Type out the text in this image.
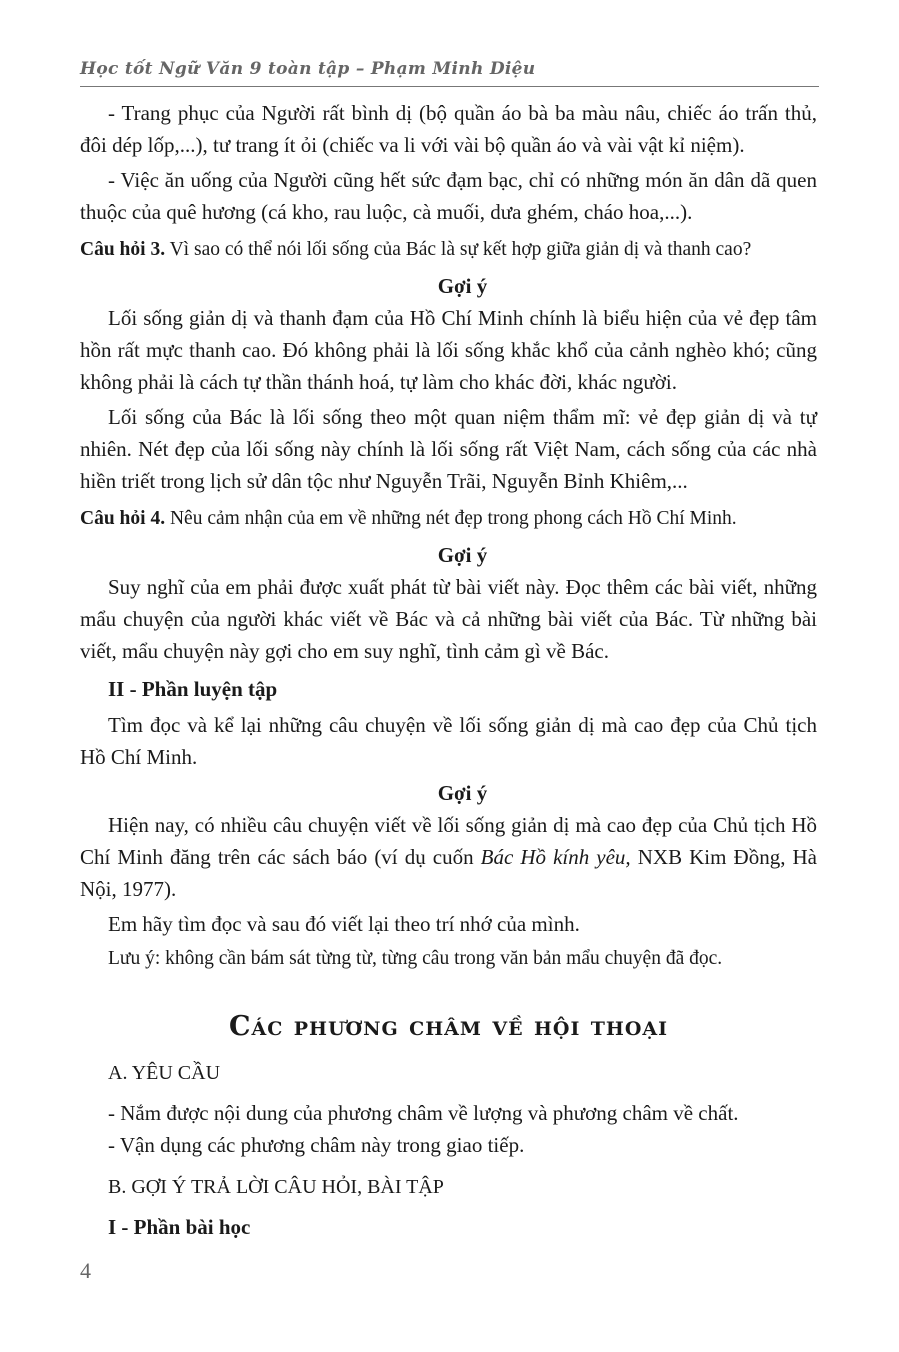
Học tốt Ngữ Văn 9 toàn tập – Phạm Minh Diệu

- Trang phục của Người rất bình dị (bộ quần áo bà ba màu nâu, chiếc áo trấn thủ, đôi dép lốp,...), tư trang ít ỏi (chiếc va li với vài bộ quần áo và vài vật kỉ niệm).

- Việc ăn uống của Người cũng hết sức đạm bạc, chỉ có những món ăn dân dã quen thuộc của quê hương (cá kho, rau luộc, cà muối, dưa ghém, cháo hoa,...).

Câu hỏi 3. Vì sao có thể nói lối sống của Bác là sự kết hợp giữa giản dị và thanh cao?

Gợi ý

Lối sống giản dị và thanh đạm của Hồ Chí Minh chính là biểu hiện của vẻ đẹp tâm hồn rất mực thanh cao. Đó không phải là lối sống khắc khổ của cảnh nghèo khó; cũng không phải là cách tự thần thánh hoá, tự làm cho khác đời, khác người.

Lối sống của Bác là lối sống theo một quan niệm thẩm mĩ: vẻ đẹp giản dị và tự nhiên. Nét đẹp của lối sống này chính là lối sống rất Việt Nam, cách sống của các nhà hiền triết trong lịch sử dân tộc như Nguyễn Trãi, Nguyễn Bỉnh Khiêm,...

Câu hỏi 4. Nêu cảm nhận của em về những nét đẹp trong phong cách Hồ Chí Minh.

Gợi ý

Suy nghĩ của em phải được xuất phát từ bài viết này. Đọc thêm các bài viết, những mẩu chuyện của người khác viết về Bác và cả những bài viết của Bác. Từ những bài viết, mẩu chuyện này gợi cho em suy nghĩ, tình cảm gì về Bác.

II - Phần luyện tập

Tìm đọc và kể lại những câu chuyện về lối sống giản dị mà cao đẹp của Chủ tịch Hồ Chí Minh.

Gợi ý

Hiện nay, có nhiều câu chuyện viết về lối sống giản dị mà cao đẹp của Chủ tịch Hồ Chí Minh đăng trên các sách báo (ví dụ cuốn Bác Hồ kính yêu, NXB Kim Đồng, Hà Nội, 1977).

Em hãy tìm đọc và sau đó viết lại theo trí nhớ của mình.

Lưu ý: không cần bám sát từng từ, từng câu trong văn bản mẩu chuyện đã đọc.

Các phương châm về hội thoại

A. YÊU CẦU

- Nắm được nội dung của phương châm về lượng và phương châm về chất.

- Vận dụng các phương châm này trong giao tiếp.

B. GỢI Ý TRẢ LỜI CÂU HỎI, BÀI TẬP

I - Phần bài học

4
